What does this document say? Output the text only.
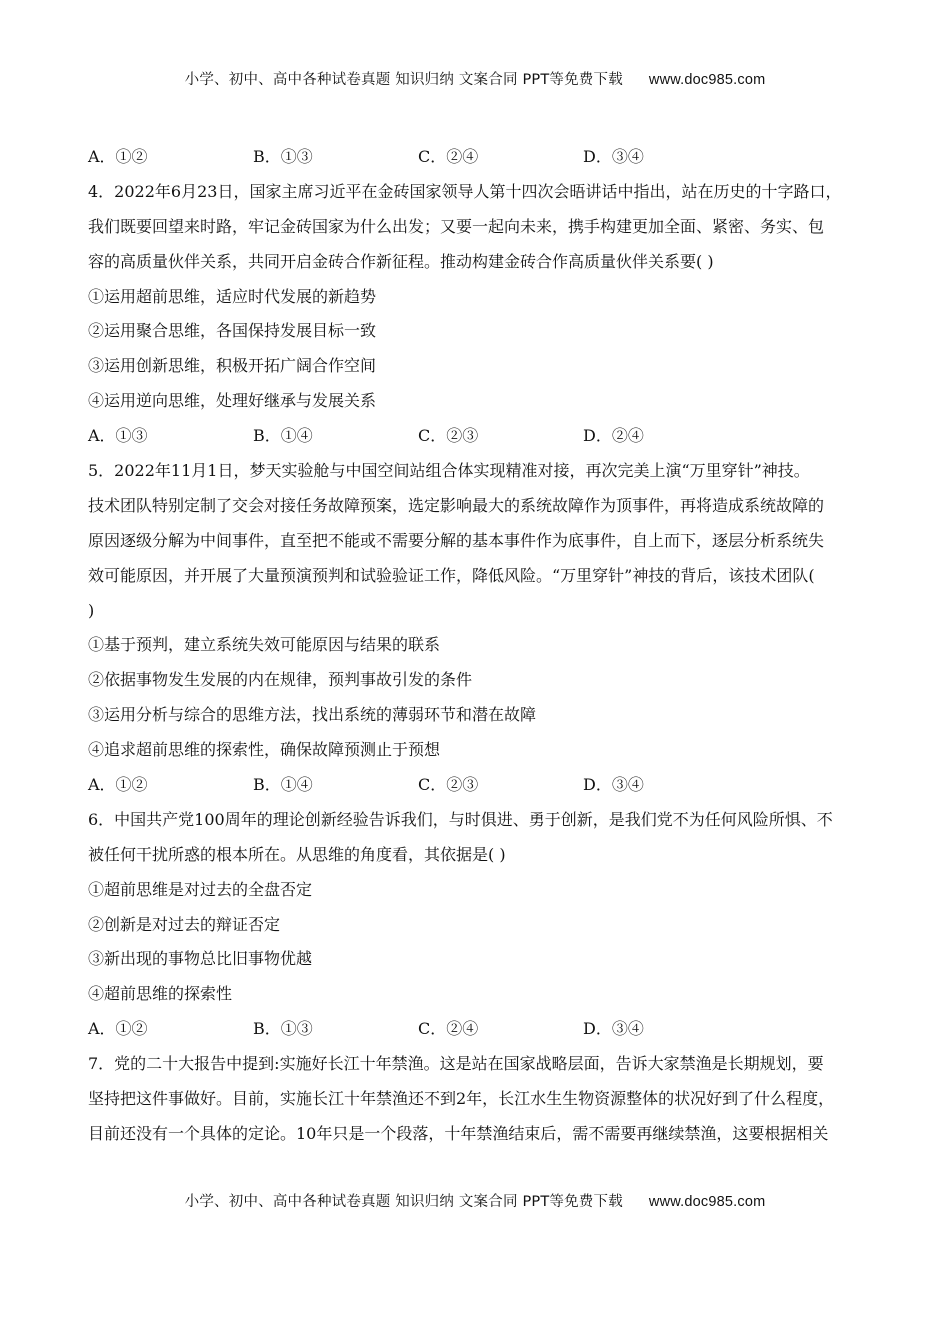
小学、初中、高中各种试卷真题 知识归纳 文案合同 PPT等免费下载 www.doc985.com
A．①②	B．①③	C．②④	D．③④
4．2022年6月23日，国家主席习近平在金砖国家领导人第十四次会晤讲话中指出，站在历史的十字路口，
我们既要回望来时路，牢记金砖国家为什么出发；又要一起向未来，携手构建更加全面、紧密、务实、包
容的高质量伙伴关系，共同开启金砖合作新征程。推动构建金砖合作高质量伙伴关系要( )
①运用超前思维，适应时代发展的新趋势
②运用聚合思维，各国保持发展目标一致
③运用创新思维，积极开拓广阔合作空间
④运用逆向思维，处理好继承与发展关系
A．①③	B．①④	C．②③	D．②④
5．2022年11月1日，梦天实验舱与中国空间站组合体实现精准对接，再次完美上演“万里穿针”神技。
技术团队特别定制了交会对接任务故障预案，选定影响最大的系统故障作为顶事件，再将造成系统故障的
原因逐级分解为中间事件，直至把不能或不需要分解的基本事件作为底事件，自上而下，逐层分析系统失
效可能原因，并开展了大量预演预判和试验验证工作，降低风险。“万里穿针”神技的背后，该技术团队(
)
①基于预判，建立系统失效可能原因与结果的联系
②依据事物发生发展的内在规律，预判事故引发的条件
③运用分析与综合的思维方法，找出系统的薄弱环节和潜在故障
④追求超前思维的探索性，确保故障预测止于预想
A．①②	B．①④	C．②③	D．③④
6．中国共产党100周年的理论创新经验告诉我们，与时俱进、勇于创新，是我们党不为任何风险所惧、不
被任何干扰所惑的根本所在。从思维的角度看，其依据是( )
①超前思维是对过去的全盘否定
②创新是对过去的辩证否定
③新出现的事物总比旧事物优越
④超前思维的探索性
A．①②	B．①③	C．②④	D．③④
7．党的二十大报告中提到:实施好长江十年禁渔。这是站在国家战略层面，告诉大家禁渔是长期规划，要
坚持把这件事做好。目前，实施长江十年禁渔还不到2年，长江水生生物资源整体的状况好到了什么程度，
目前还没有一个具体的定论。10年只是一个段落，十年禁渔结束后，需不需要再继续禁渔，这要根据相关
小学、初中、高中各种试卷真题 知识归纳 文案合同 PPT等免费下载 www.doc985.com
